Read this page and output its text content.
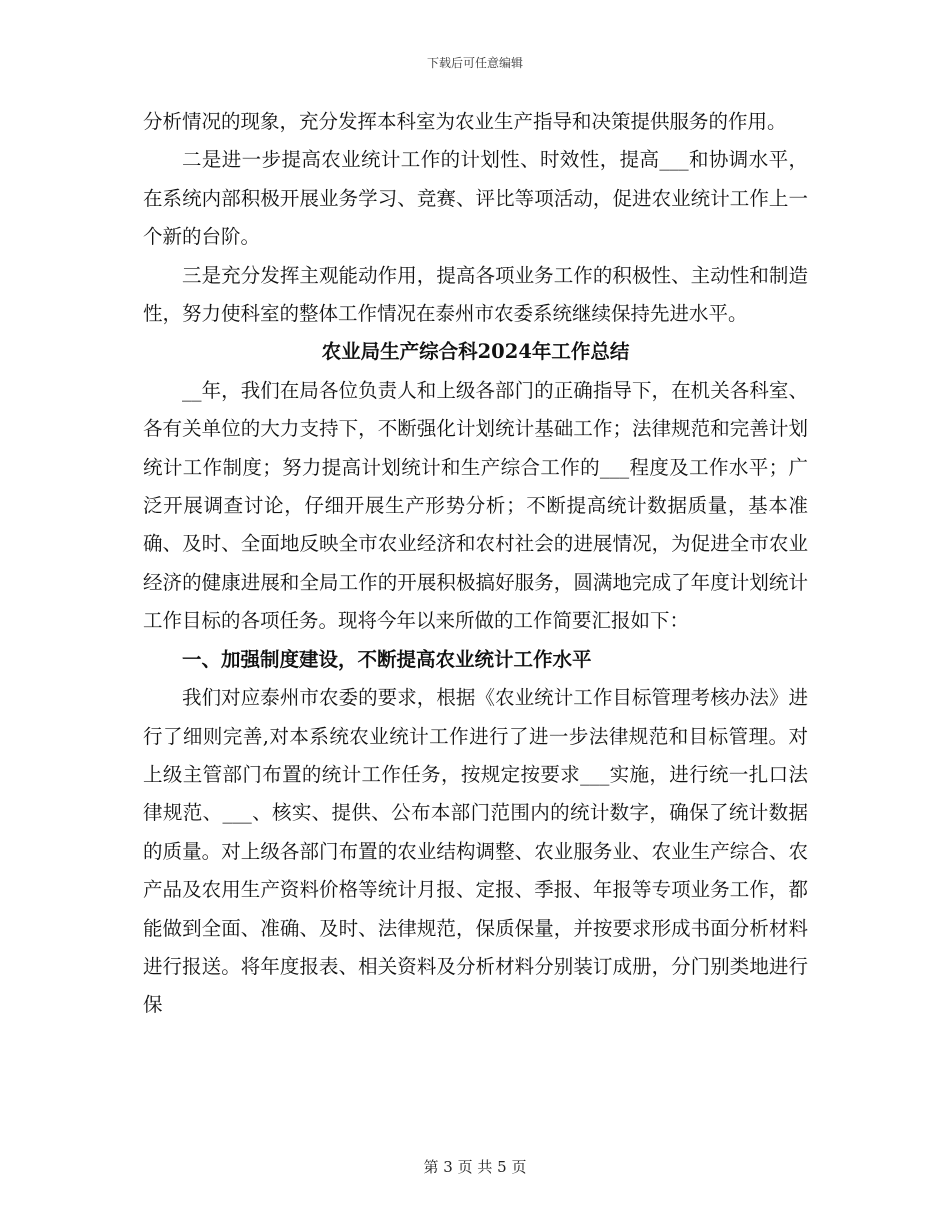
下载后可任意编辑

分析情况的现象，充分发挥本科室为农业生产指导和决策提供服务的作用。

二是进一步提高农业统计工作的计划性、时效性，提高___和协调水平，在系统内部积极开展业务学习、竞赛、评比等项活动，促进农业统计工作上一个新的台阶。

三是充分发挥主观能动作用，提高各项业务工作的积极性、主动性和制造性，努力使科室的整体工作情况在泰州市农委系统继续保持先进水平。

农业局生产综合科2024年工作总结

__年，我们在局各位负责人和上级各部门的正确指导下，在机关各科室、各有关单位的大力支持下，不断强化计划统计基础工作；法律规范和完善计划统计工作制度；努力提高计划统计和生产综合工作的___程度及工作水平；广泛开展调查讨论，仔细开展生产形势分析；不断提高统计数据质量，基本准确、及时、全面地反映全市农业经济和农村社会的进展情况，为促进全市农业经济的健康进展和全局工作的开展积极搞好服务，圆满地完成了年度计划统计工作目标的各项任务。现将今年以来所做的工作简要汇报如下：

一、加强制度建设，不断提高农业统计工作水平

我们对应泰州市农委的要求，根据《农业统计工作目标管理考核办法》进行了细则完善,对本系统农业统计工作进行了进一步法律规范和目标管理。对上级主管部门布置的统计工作任务，按规定按要求___实施，进行统一扎口法律规范、___、核实、提供、公布本部门范围内的统计数字，确保了统计数据的质量。对上级各部门布置的农业结构调整、农业服务业、农业生产综合、农产品及农用生产资料价格等统计月报、定报、季报、年报等专项业务工作，都能做到全面、准确、及时、法律规范，保质保量，并按要求形成书面分析材料进行报送。将年度报表、相关资料及分析材料分别装订成册，分门别类地进行保

第 3 页 共 5 页
